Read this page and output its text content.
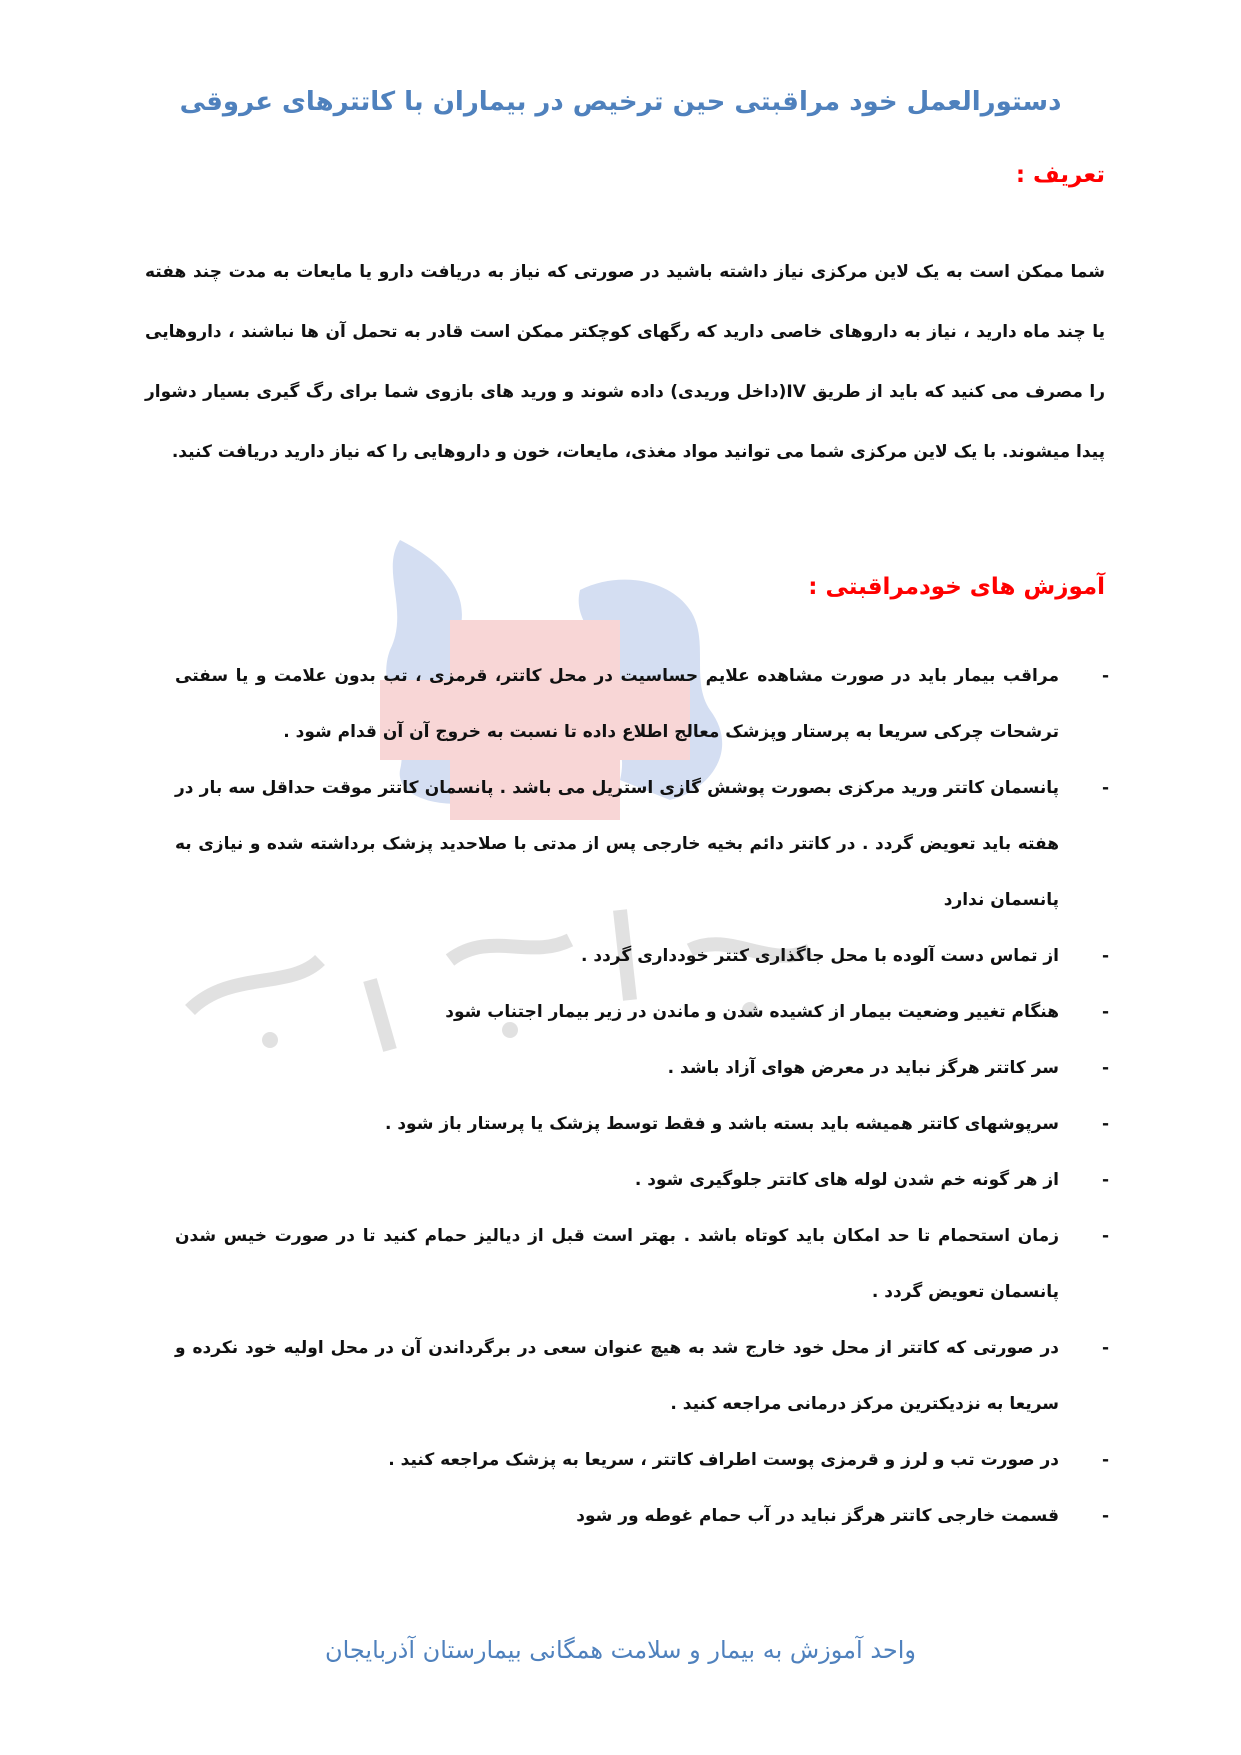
دستورالعمل خود مراقبتی حین ترخیص در بیماران با کاتترهای عروقی
تعریف :

شما ممکن است به یک لاین مرکزی نیاز داشته باشید در صورتی که نیاز به دریافت دارو یا مایعات به مدت چند هفته یا چند ماه دارید ، نیاز به داروهای خاصی دارید که رگهای کوچکتر ممکن است قادر به تحمل آن ها نباشند ، داروهایی را مصرف می کنید که باید از طریق IV(داخل وریدی) داده شوند و ورید های بازوی شما برای رگ گیری بسیار دشوار پیدا میشوند. با یک لاین مرکزی شما می توانید مواد مغذی، مایعات، خون و داروهایی را که نیاز دارید دریافت کنید.

آموزش های خودمراقبتی :
- مراقب بیمار باید در صورت مشاهده علایم حساسیت در محل کاتتر، قرمزی ، تب بدون علامت و یا سفتی ترشحات چرکی سریعا به پرستار وپزشک معالج اطلاع داده تا نسبت به خروج آن آن قدام شود .
- پانسمان کاتتر ورید مرکزی بصورت پوشش گازی استریل می باشد . پانسمان کاتتر موقت حداقل سه بار در هفته باید تعویض گردد . در کاتتر دائم بخیه خارجی پس از مدتی با صلاحدید پزشک برداشته شده و نیازی به پانسمان ندارد
- از تماس دست آلوده با محل جاگذاری کتتر خودداری گردد .
- هنگام تغییر وضعیت بیمار از کشیده شدن و ماندن در زیر بیمار اجتناب شود
- سر کاتتر هرگز نباید در معرض هوای آزاد باشد .
- سرپوشهای کاتتر همیشه باید بسته باشد و فقط توسط پزشک یا پرستار باز شود .
- از هر گونه خم شدن لوله های کاتتر جلوگیری شود .
- زمان استحمام تا حد امکان باید کوتاه باشد . بهتر است قبل از دیالیز حمام کنید تا در صورت خیس شدن پانسمان تعویض گردد .
- در صورتی که کاتتر از محل خود خارج شد به هیچ عنوان سعی در برگرداندن آن در محل اولیه خود نکرده و سریعا به نزدیکترین مرکز درمانی مراجعه کنید .
- در صورت تب و لرز و قرمزی پوست اطراف کاتتر ، سریعا به پزشک مراجعه کنید .
- قسمت خارجی کاتتر هرگز نباید در آب حمام غوطه ور شود
واحد آموزش به بیمار و سلامت همگانی بیمارستان آذربایجان
